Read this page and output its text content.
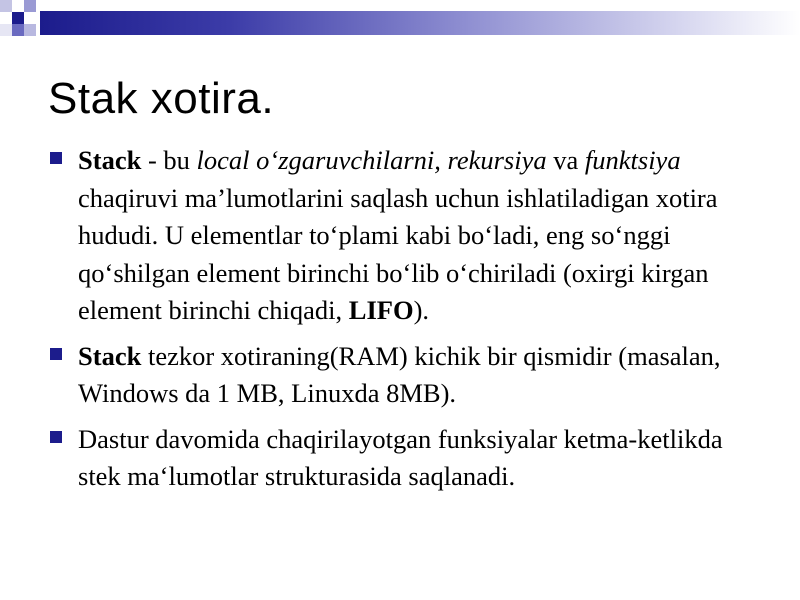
Stak xotira.
Stack - bu local o‘zgaruvchilarni, rekursiya va funktsiya chaqiruvi ma’lumotlarini saqlash uchun ishlatiladigan xotira hududi. U elementlar to‘plami kabi bo‘ladi, eng so‘nggi qo‘shilgan element birinchi bo‘lib o‘chiriladi (oxirgi kirgan element birinchi chiqadi, LIFO).
Stack tezkor xotiraning(RAM) kichik bir qismidir (masalan, Windows da 1 MB, Linuxda 8MB).
Dastur davomida chaqirilayotgan funksiyalar ketma-ketlikda stek ma‘lumotlar strukturasida saqlanadi.
